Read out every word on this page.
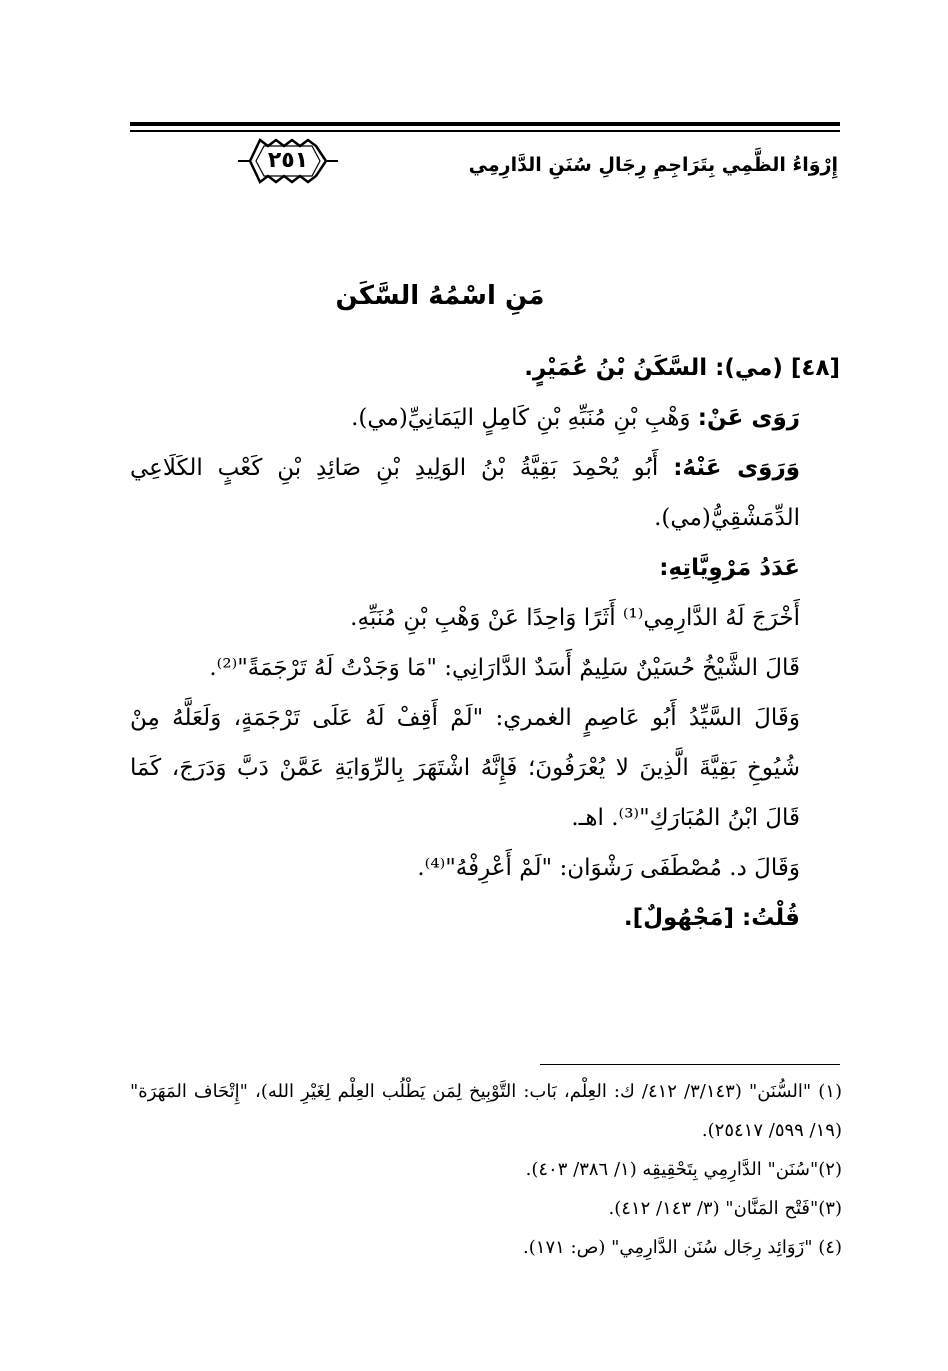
إِرْوَاءُ الظَّمِي بِتَرَاجِمِ رِجَالِ سُنَنِ الدَّارِمِي
٢٥١
مَنِ اسْمُهُ السَّكَن

[٤٨] (مي): السَّكَنُ بْنُ عُمَيْرٍ.

رَوَى عَنْ: وَهْبِ بْنِ مُنَبِّهِ بْنِ كَامِلٍ اليَمَانِيِّ(مي).

وَرَوَى عَنْهُ: أَبُو يُحْمِدَ بَقِيَّةُ بْنُ الوَلِيدِ بْنِ صَائِدِ بْنِ كَعْبٍ الكَلَاعِي الدِّمَشْقِيُّ(مي).

عَدَدُ مَرْوِيَّاتِهِ:

أَخْرَجَ لَهُ الدَّارِمِي⁽¹⁾ أَثَرًا وَاحِدًا عَنْ وَهْبِ بْنِ مُنَبِّهِ.

قَالَ الشَّيْخُ حُسَيْنٌ سَلِيمٌ أَسَدٌ الدَّارَانِي: "مَا وَجَدْتُ لَهُ تَرْجَمَةً"⁽²⁾.

وَقَالَ السَّيِّدُ أَبُو عَاصِمٍ الغمري: "لَمْ أَقِفْ لَهُ عَلَى تَرْجَمَةٍ، وَلَعَلَّهُ مِنْ شُيُوخِ بَقِيَّةَ الَّذِينَ لا يُعْرَفُونَ؛ فَإِنَّهُ اشْتَهَرَ بِالرِّوَايَةِ عَمَّنْ دَبَّ وَدَرَجَ، كَمَا قَالَ ابْنُ المُبَارَكِ"⁽³⁾. اهـ.

وَقَالَ د. مُصْطَفَى رَشْوَان: "لَمْ أَعْرِفْهُ"⁽⁴⁾.

قُلْتُ: [مَجْهُولٌ].

(١) "السُّنَن" (٣/١٤٣/ ٤١٢/ ك: العِلْم، بَاب: التَّوْبِيخ لِمَن يَطْلُب العِلْم لِغَيْرِ الله)، "إِتْحَاف المَهَرَة" (١٩/ ٥٩٩/ ٢٥٤١٧).

(٢)"سُنَن" الدَّارِمِي بِتَحْقِيقِه (١/ ٣٨٦/ ٤٠٣).

(٣)"فَتْح المَنَّان" (٣/ ١٤٣/ ٤١٢).

(٤) "زَوَائِد رِجَال سُنَن الدَّارِمِي" (ص: ١٧١).
